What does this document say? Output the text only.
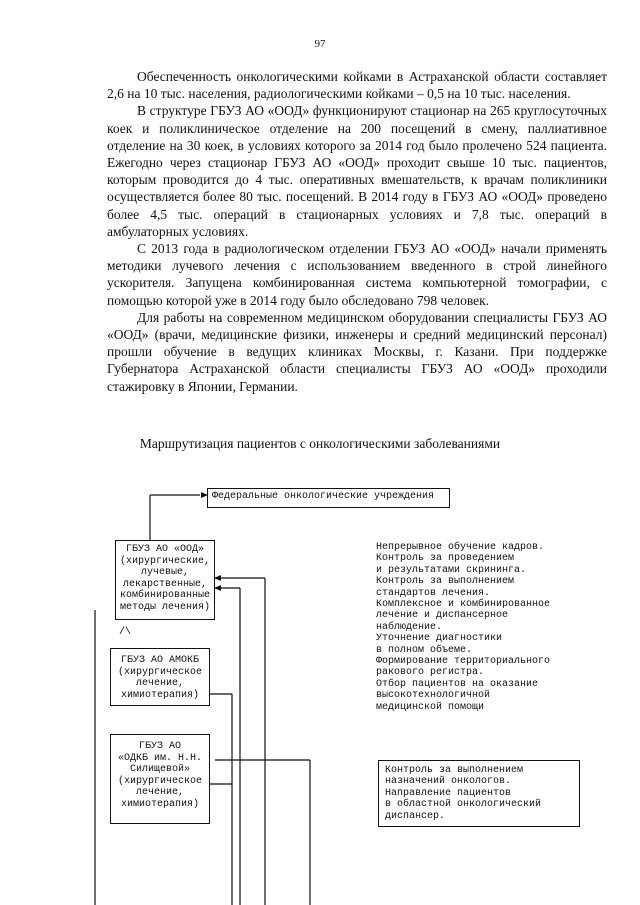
97

Обеспеченность онкологическими койками в Астраханской области составляет 2,6 на 10 тыс. населения, радиологическими койками – 0,5 на 10 тыс. населения.

В структуре ГБУЗ АО «ООД» функционируют стационар на 265 круглосуточных коек и поликлиническое отделение на 200 посещений в смену, паллиативное отделение на 30 коек, в условиях которого за 2014 год было пролечено 524 пациента. Ежегодно через стационар ГБУЗ АО «ООД» проходит свыше 10 тыс. пациентов, которым проводится до 4 тыс. оперативных вмешательств, к врачам поликлиники осуществляется более 80 тыс. посещений. В 2014 году в ГБУЗ АО «ООД» проведено более 4,5 тыс. операций в стационарных условиях и 7,8 тыс. операций в амбулаторных условиях.

С 2013 года в радиологическом отделении ГБУЗ АО «ООД» начали применять методики лучевого лечения с использованием введенного в строй линейного ускорителя. Запущена комбинированная система компьютерной томографии, с помощью которой уже в 2014 году было обследовано 798 человек.

Для работы на современном медицинском оборудовании специалисты ГБУЗ АО «ООД» (врачи, медицинские физики, инженеры и средний медицинский персонал) прошли обучение в ведущих клиниках Москвы, г. Казани. При поддержке Губернатора Астраханской области специалисты ГБУЗ АО «ООД» проходили стажировку в Японии, Германии.

Маршрутизация пациентов с онкологическими заболеваниями
Федеральные онкологические учреждения
ГБУЗ АО «ООД»
(хирургические,
лучевые,
лекарственные,
комбинированные
методы лечения)
/\
ГБУЗ АО АМОКБ
(хирургическое
лечение,
химиотерапия)
ГБУЗ АО
«ОДКБ им. Н.Н.
Силищевой»
(хирургическое
лечение,
химиотерапия)
Непрерывное обучение кадров.
Контроль за проведением
и результатами скрининга.
Контроль за выполнением
стандартов лечения.
Комплексное и комбинированное
лечение и диспансерное
наблюдение.
Уточнение диагностики
в полном объеме.
Формирование территориального
ракового регистра.
Отбор пациентов на оказание
высокотехнологичной
медицинской помощи
Контроль за выполнением
назначений онкологов.
Направление пациентов
в областной онкологический
диспансер.
